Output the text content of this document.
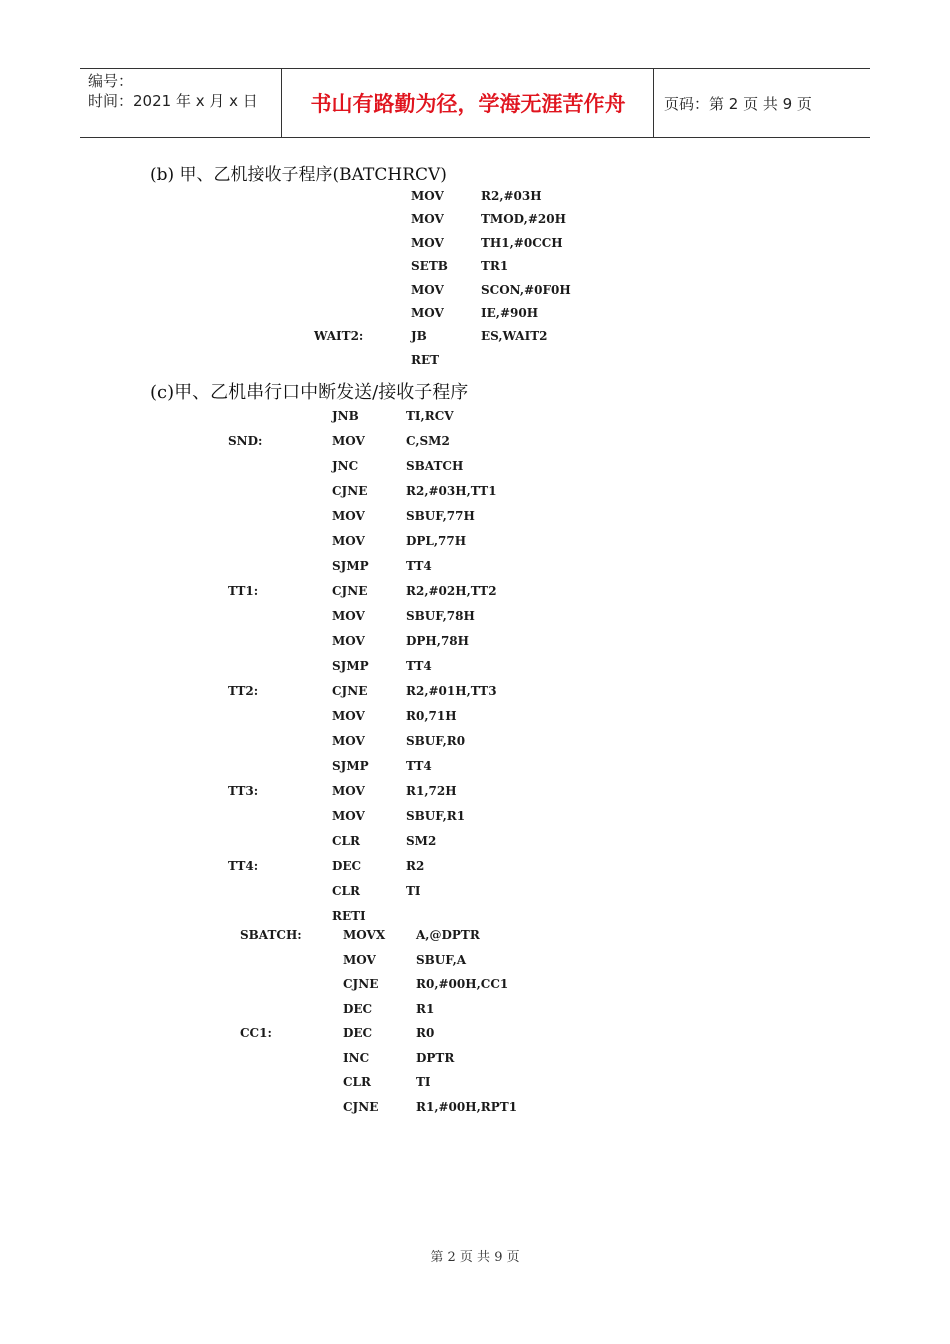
编号：
时间：2021 年 x 月 x 日	书山有路勤为径，学海无涯苦作舟	页码：第 2 页 共 9 页
(b) 甲、乙机接收子程序(BATCHRCV)
(c)甲、乙机串行口中断发送/接收子程序
MOV	R2,#03H
MOV	TMOD,#20H
MOV	TH1,#0CCH
SETB	TR1
MOV	SCON,#0F0H
MOV	IE,#90H
WAIT2:	JB	ES,WAIT2
RET
JNB	TI,RCV
SND:	MOV	C,SM2
JNC	SBATCH
CJNE	R2,#03H,TT1
MOV	SBUF,77H
MOV	DPL,77H
SJMP	TT4
TT1:	CJNE	R2,#02H,TT2
MOV	SBUF,78H
MOV	DPH,78H
SJMP	TT4
TT2:	CJNE	R2,#01H,TT3
MOV	R0,71H
MOV	SBUF,R0
SJMP	TT4
TT3:	MOV	R1,72H
MOV	SBUF,R1
CLR	SM2
TT4:	DEC	R2
CLR	TI
RETI
SBATCH:	MOVX	A,@DPTR
MOV	SBUF,A
CJNE	R0,#00H,CC1
DEC	R1
CC1:	DEC	R0
INC	DPTR
CLR	TI
CJNE	R1,#00H,RPT1
第 2 页 共 9 页
